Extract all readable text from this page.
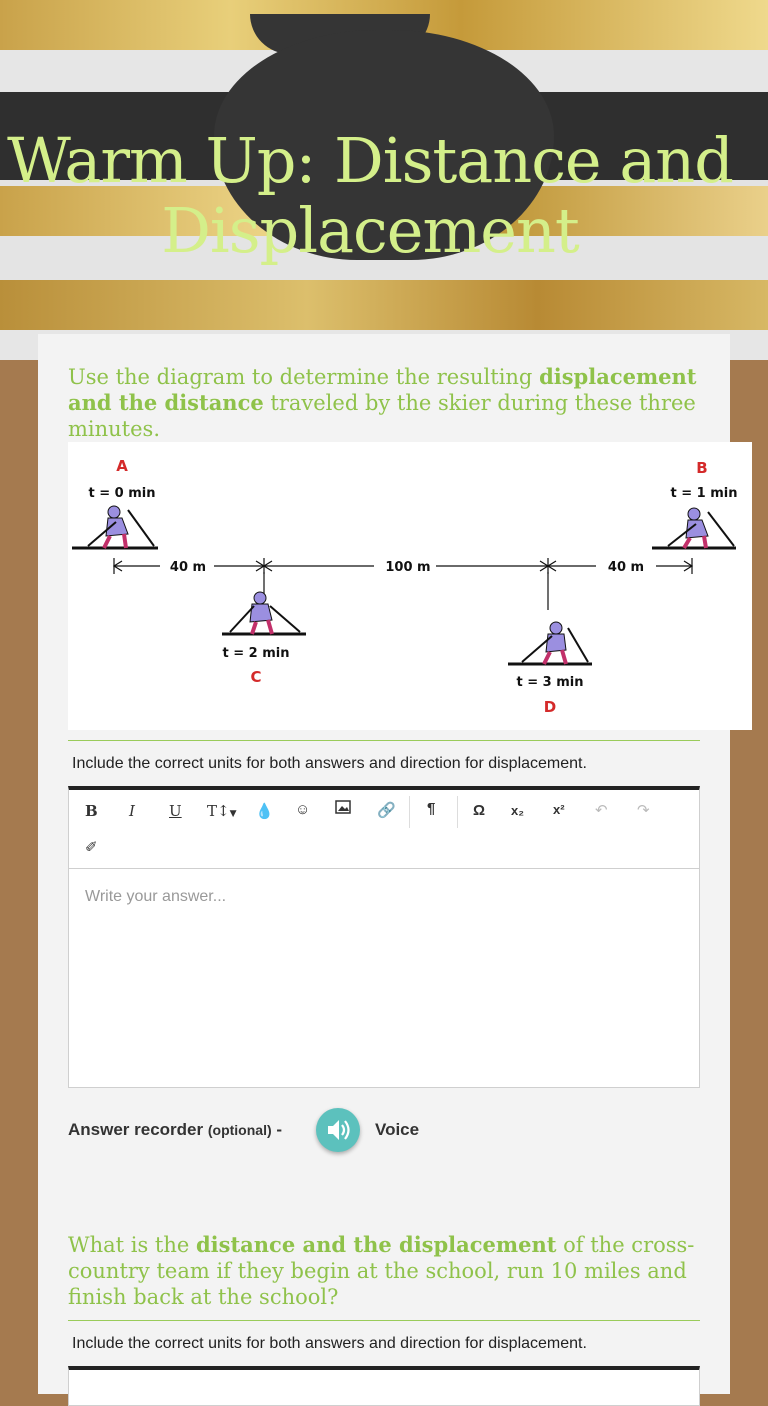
Warm Up: Distance and Displacement
Use the diagram to determine the resulting displacement and the distance traveled by the skier during these three minutes.
A
t = 0 min
B
t = 1 min
t = 2 min
C	t = 3 min
D
40 m	100 m	40 m
Include the correct units for both answers and direction for displacement.
B I U T↕▼ 💧 ☺	🔗 ¶	Ω x₂ x² ↶ ↷
✐
Write your answer...
Answer recorder (optional) -	Voice
What is the distance and the displacement of the cross-country team if they begin at the school, run 10 miles and finish back at the school?
Include the correct units for both answers and direction for displacement.
